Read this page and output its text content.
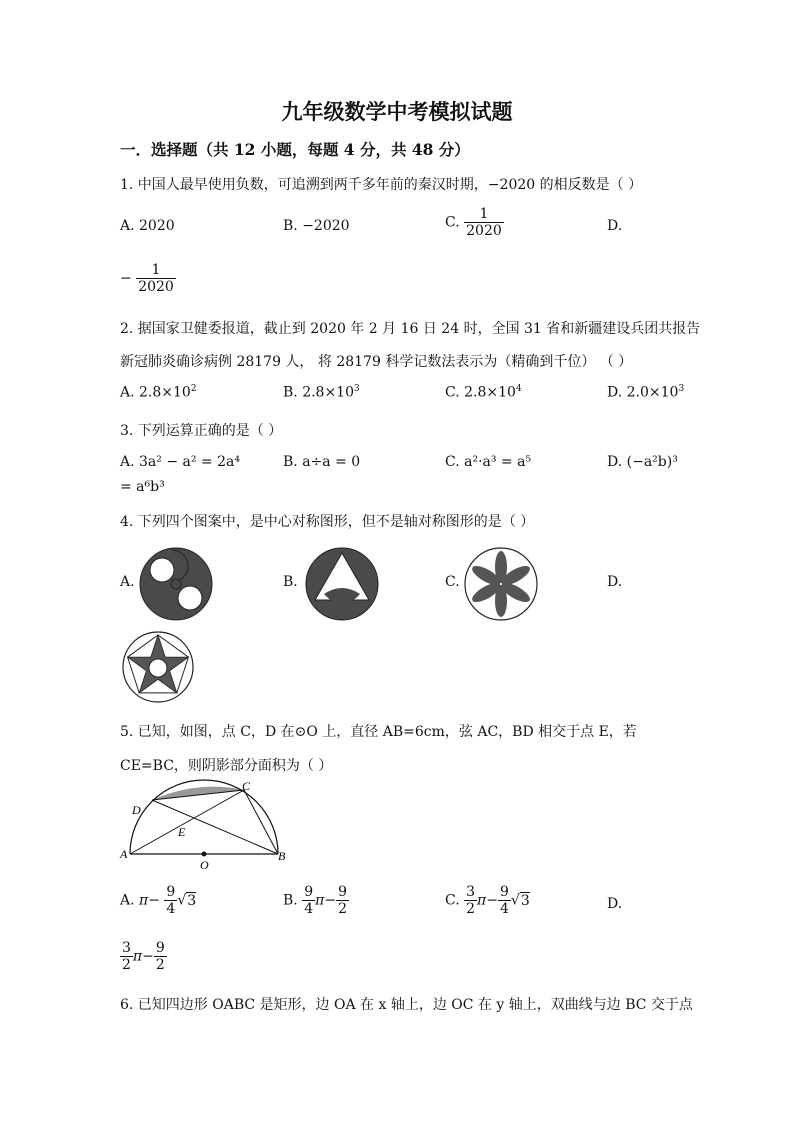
九年级数学中考模拟试题
一．选择题（共 12 小题，每题 4 分，共 48 分）
1. 中国人最早使用负数，可追溯到两千多年前的秦汉时期，−2020 的相反数是（ ）
A. 2020	B. −2020	C. $\frac{1}{2020}$	D.
− $\frac{1}{2020}$
2. 据国家卫健委报道，截止到 2020 年 2 月 16 日 24 时，全国 31 省和新疆建设兵团共报告
新冠肺炎确诊病例 28179 人， 将 28179 科学记数法表示为（精确到千位） （ ）
A. $2.8\times 10^2$	B. $2.8\times 10^3$	C. $2.8\times 10^4$	D. $2.0\times 10^3$
3. 下列运算正确的是（ ）
A. 3a² − a² = 2a⁴	B. a÷a = 0	C. a²·a³ = a⁵	D. (−a²b)³
= a⁶b³
4. 下列四个图案中，是中心对称图形，但不是轴对称图形的是（ ）
A.	B.	C.	D.
5. 已知，如图，点 C，D 在⊙O 上，直径 AB=6cm，弦 AC，BD 相交于点 E，若
CE=BC，则阴影部分面积为（ ）
A	B
C
D
E
O
A. $\pi- \frac{9}{4} √3$	B. $\frac{9}{4} \pi- \frac{9}{2}$	C. $\frac{3}{2} \pi- \frac{9}{4} √3$	D.
$\frac{3}{2} \pi- \frac{9}{2}$
6. 已知四边形 OABC 是矩形，边 OA 在 x 轴上，边 OC 在 y 轴上，双曲线与边 BC 交于点
